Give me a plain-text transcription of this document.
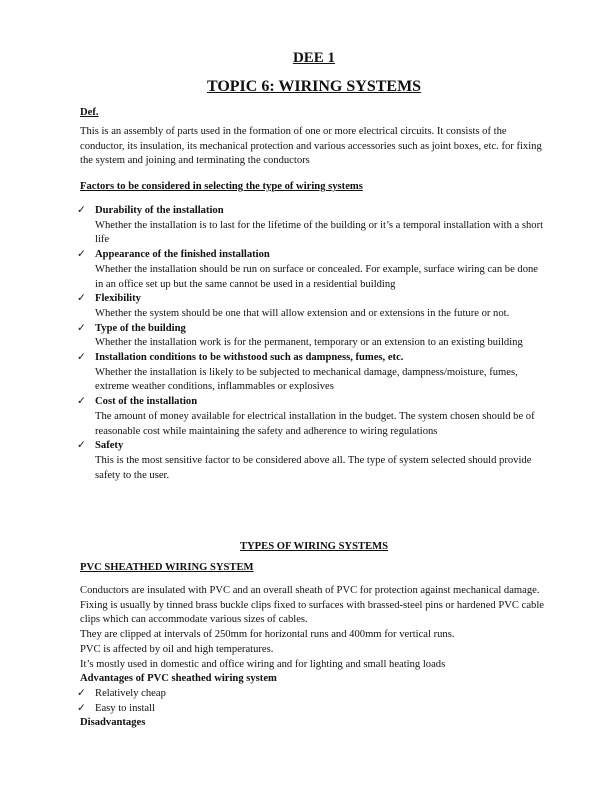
DEE 1
TOPIC 6: WIRING SYSTEMS
Def.
This is an assembly of parts used in the formation of one or more electrical circuits. It consists of the conductor, its insulation, its mechanical protection and various accessories such as joint boxes, etc. for fixing the system and joining and terminating the conductors
Factors to be considered in selecting the type of wiring systems
✓ Durability of the installation
Whether the installation is to last for the lifetime of the building or it’s a temporal installation with a short life
✓ Appearance of the finished installation
Whether the installation should be run on surface or concealed. For example, surface wiring can be done in an office set up but the same cannot be used in a residential building
✓ Flexibility
Whether the system should be one that will allow extension and or extensions in the future or not.
✓ Type of the building
Whether the installation work is for the permanent, temporary or an extension to an existing building
✓ Installation conditions to be withstood such as dampness, fumes, etc.
Whether the installation is likely to be subjected to mechanical damage, dampness/moisture, fumes, extreme weather conditions, inflammables or explosives
✓ Cost of the installation
The amount of money available for electrical installation in the budget. The system chosen should be of reasonable cost while maintaining the safety and adherence to wiring regulations
✓ Safety
This is the most sensitive factor to be considered above all. The type of system selected should provide safety to the user.
TYPES OF WIRING SYSTEMS
PVC SHEATHED WIRING SYSTEM
Conductors are insulated with PVC and an overall sheath of PVC for protection against mechanical damage.
Fixing is usually by tinned brass buckle clips fixed to surfaces with brassed-steel pins or hardened PVC cable clips which can accommodate various sizes of cables.
They are clipped at intervals of 250mm for horizontal runs and 400mm for vertical runs.
PVC is affected by oil and high temperatures.
It’s mostly used in domestic and office wiring and for lighting and small heating loads
Advantages of PVC sheathed wiring system
✓ Relatively cheap
✓ Easy to install
Disadvantages
